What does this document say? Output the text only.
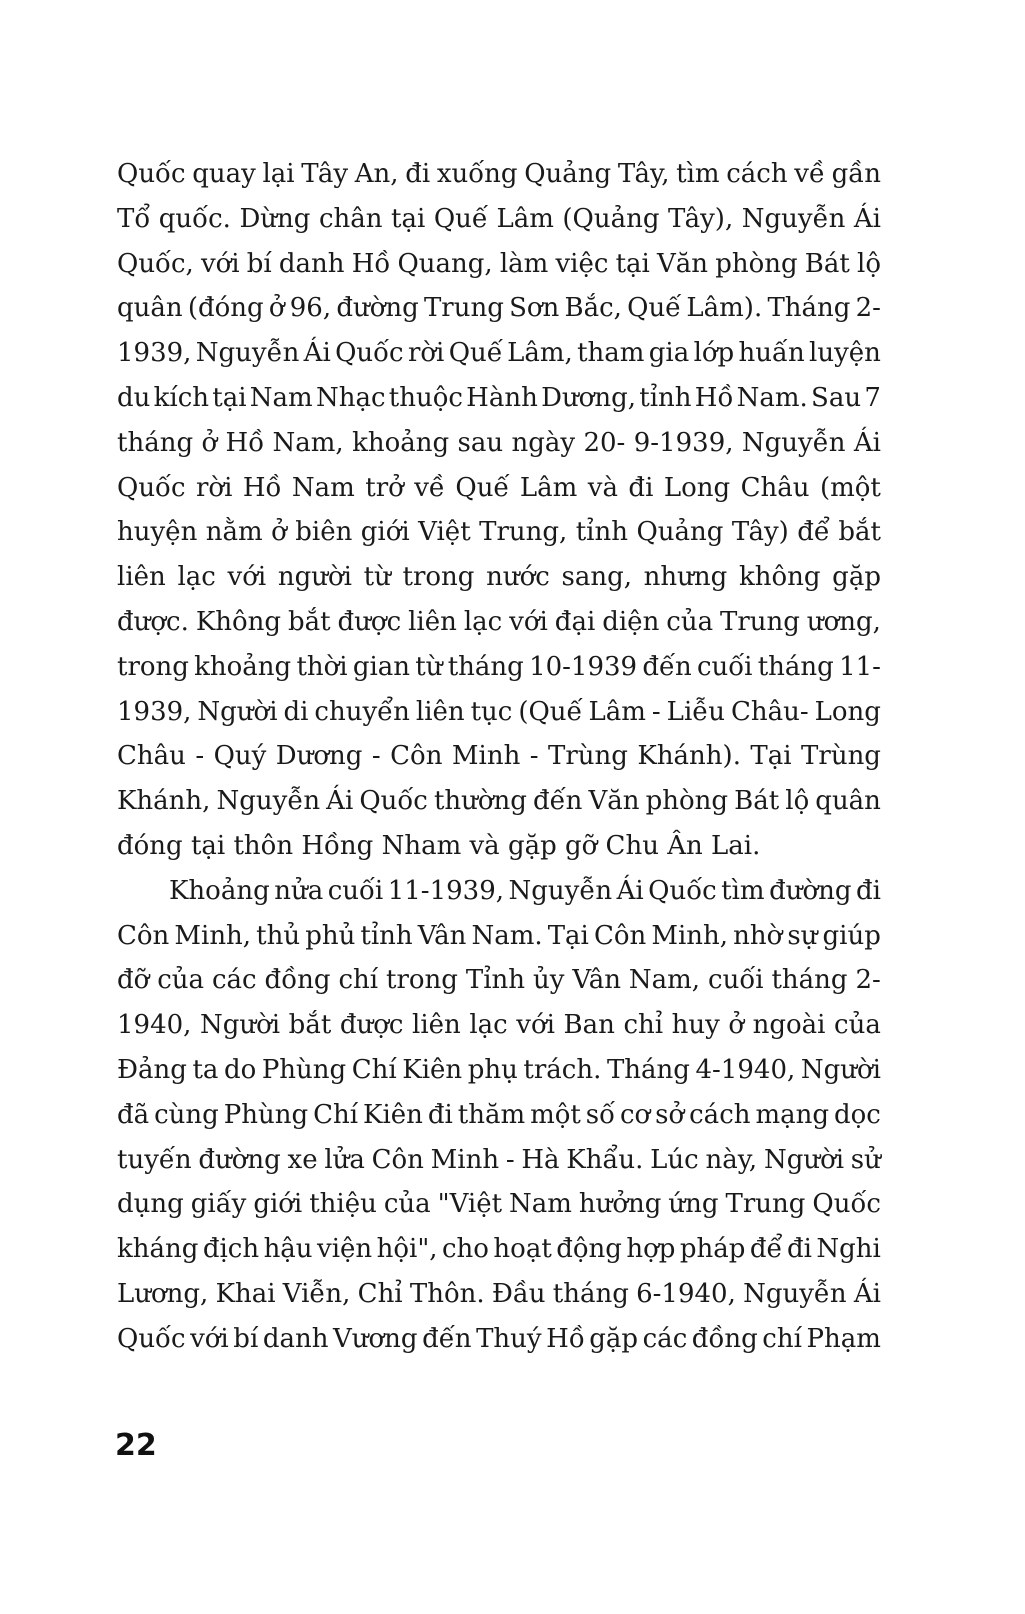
Quốc quay lại Tây An, đi xuống Quảng Tây, tìm cách về gần
Tổ quốc. Dừng chân tại Quế Lâm (Quảng Tây), Nguyễn Ái
Quốc, với bí danh Hồ Quang, làm việc tại Văn phòng Bát lộ
quân (đóng ở 96, đường Trung Sơn Bắc, Quế Lâm). Tháng 2-
1939, Nguyễn Ái Quốc rời Quế Lâm, tham gia lớp huấn luyện
du kích tại Nam Nhạc thuộc Hành Dương, tỉnh Hồ Nam. Sau 7
tháng ở Hồ Nam, khoảng sau ngày 20- 9-1939, Nguyễn Ái
Quốc rời Hồ Nam trở về Quế Lâm và đi Long Châu (một
huyện nằm ở biên giới Việt Trung, tỉnh Quảng Tây) để bắt
liên lạc với người từ trong nước sang, nhưng không gặp
được. Không bắt được liên lạc với đại diện của Trung ương,
trong khoảng thời gian từ tháng 10-1939 đến cuối tháng 11-
1939, Người di chuyển liên tục (Quế Lâm - Liễu Châu- Long
Châu - Quý Dương - Côn Minh - Trùng Khánh). Tại Trùng
Khánh, Nguyễn Ái Quốc thường đến Văn phòng Bát lộ quân
đóng tại thôn Hồng Nham và gặp gỡ Chu Ân Lai.
Khoảng nửa cuối 11-1939, Nguyễn Ái Quốc tìm đường đi
Côn Minh, thủ phủ tỉnh Vân Nam. Tại Côn Minh, nhờ sự giúp
đỡ của các đồng chí trong Tỉnh ủy Vân Nam, cuối tháng 2-
1940, Người bắt được liên lạc với Ban chỉ huy ở ngoài của
Đảng ta do Phùng Chí Kiên phụ trách. Tháng 4-1940, Người
đã cùng Phùng Chí Kiên đi thăm một số cơ sở cách mạng dọc
tuyến đường xe lửa Côn Minh - Hà Khẩu. Lúc này, Người sử
dụng giấy giới thiệu của "Việt Nam hưởng ứng Trung Quốc
kháng địch hậu viện hội", cho hoạt động hợp pháp để đi Nghi
Lương, Khai Viễn, Chỉ Thôn. Đầu tháng 6-1940, Nguyễn Ái
Quốc với bí danh Vương đến Thuý Hồ gặp các đồng chí Phạm
22
